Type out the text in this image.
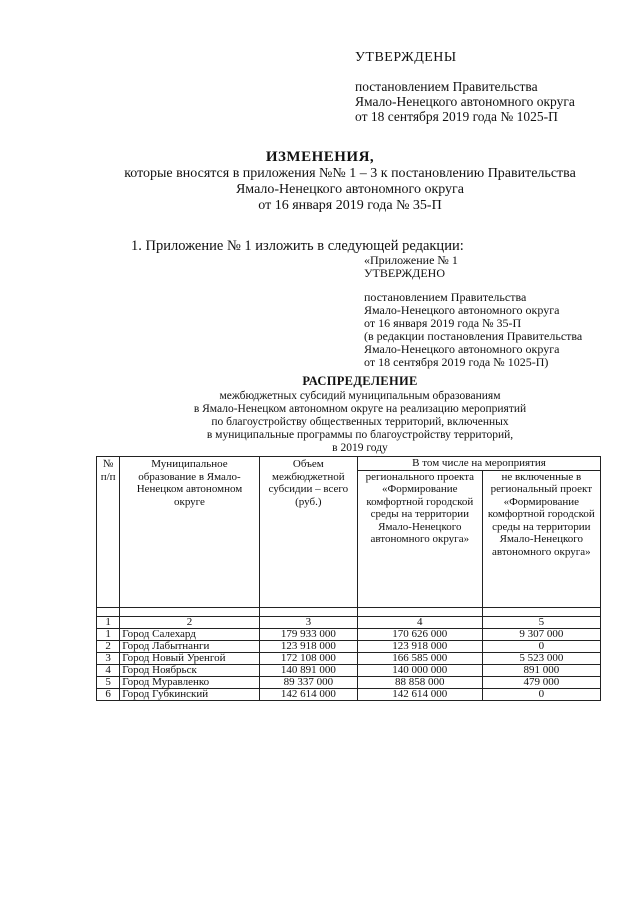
УТВЕРЖДЕНЫ
постановлением Правительства
Ямало-Ненецкого автономного округа
от 18 сентября 2019 года № 1025-П
ИЗМЕНЕНИЯ,
которые вносятся в приложения №№ 1 – 3 к постановлению Правительства
Ямало-Ненецкого автономного округа
от 16 января 2019 года № 35-П
1. Приложение № 1 изложить в следующей редакции:
«Приложение № 1
УТВЕРЖДЕНО
постановлением Правительства
Ямало-Ненецкого автономного округа
от 16 января 2019 года № 35-П
(в редакции постановления Правительства
Ямало-Ненецкого автономного округа
от 18 сентября 2019 года № 1025-П)
РАСПРЕДЕЛЕНИЕ
межбюджетных субсидий муниципальным образованиям
в Ямало-Ненецком автономном округе на реализацию мероприятий
по благоустройству общественных территорий, включенных
в муниципальные программы по благоустройству территорий,
в 2019 году
№ п/п	Муниципальное образование в Ямало-Ненецком автономном округе	Объем межбюджетной субсидии – всего (руб.)	В том числе на мероприятия	
			регионального проекта «Формирование комфортной городской среды на территории Ямало-Ненецкого автономного округа»	не включенные в региональный проект «Формирование комфортной городской среды на территории Ямало-Ненецкого автономного округа»

1	2	3	4	5
1	Город Салехард	179 933 000	170 626 000	9 307 000
2	Город Лабытнанги	123 918 000	123 918 000	0
3	Город Новый Уренгой	172 108 000	166 585 000	5 523 000
4	Город Ноябрьск	140 891 000	140 000 000	891 000
5	Город Муравленко	89 337 000	88 858 000	479 000
6	Город Губкинский	142 614 000	142 614 000	0
